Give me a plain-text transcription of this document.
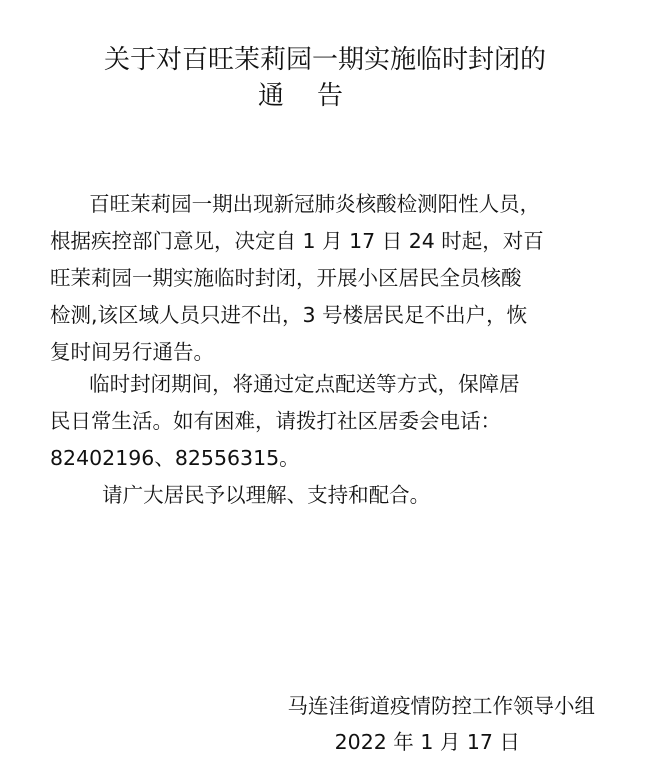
关于对百旺茉莉园一期实施临时封闭的
通    告
百旺茉莉园一期出现新冠肺炎核酸检测阳性人员，
根据疾控部门意见，决定自 1 月 17 日 24 时起，对百
旺茉莉园一期实施临时封闭，开展小区居民全员核酸
检测,该区域人员只进不出，3 号楼居民足不出户，恢
复时间另行通告。
临时封闭期间，将通过定点配送等方式，保障居
民日常生活。如有困难，请拨打社区居委会电话：
82402196、82556315。
请广大居民予以理解、支持和配合。
马连洼街道疫情防控工作领导小组
2022 年 1 月 17 日
